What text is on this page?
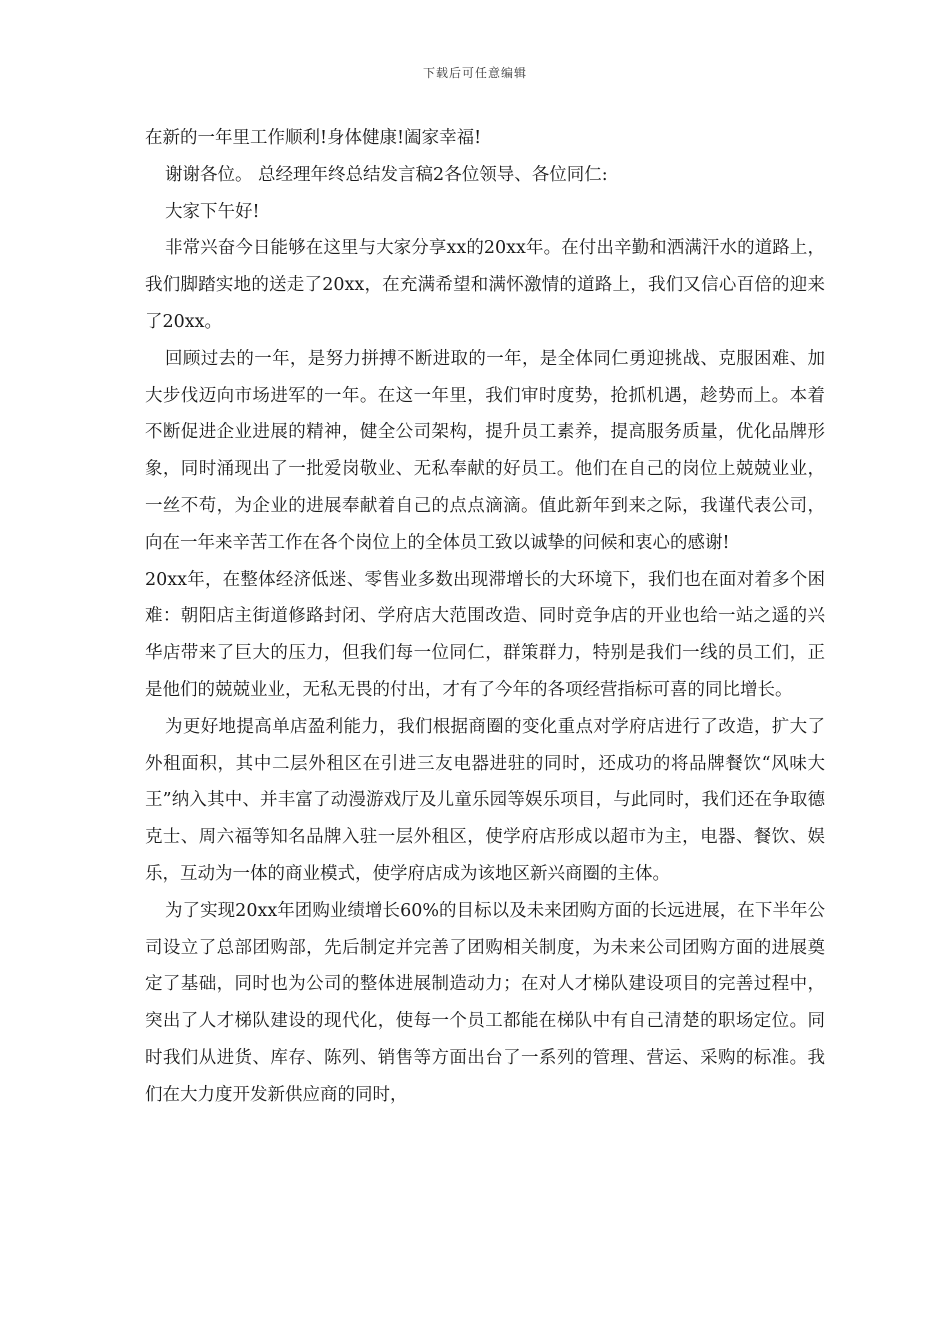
下载后可任意编辑

在新的一年里工作顺利!身体健康!阖家幸福!

谢谢各位。 总经理年终总结发言稿2各位领导、各位同仁:

大家下午好!

非常兴奋今日能够在这里与大家分享xx的20xx年。在付出辛勤和洒满汗水的道路上，我们脚踏实地的送走了20xx，在充满希望和满怀激情的道路上，我们又信心百倍的迎来了20xx。

回顾过去的一年，是努力拼搏不断进取的一年，是全体同仁勇迎挑战、克服困难、加大步伐迈向市场进军的一年。在这一年里，我们审时度势，抢抓机遇，趁势而上。本着不断促进企业进展的精神，健全公司架构，提升员工素养，提高服务质量，优化品牌形象，同时涌现出了一批爱岗敬业、无私奉献的好员工。他们在自己的岗位上兢兢业业，一丝不苟，为企业的进展奉献着自己的点点滴滴。值此新年到来之际，我谨代表公司，向在一年来辛苦工作在各个岗位上的全体员工致以诚挚的问候和衷心的感谢!

20xx年，在整体经济低迷、零售业多数出现滞增长的大环境下，我们也在面对着多个困难：朝阳店主街道修路封闭、学府店大范围改造、同时竞争店的开业也给一站之遥的兴华店带来了巨大的压力，但我们每一位同仁，群策群力，特别是我们一线的员工们，正是他们的兢兢业业，无私无畏的付出，才有了今年的各项经营指标可喜的同比增长。

为更好地提高单店盈利能力，我们根据商圈的变化重点对学府店进行了改造，扩大了外租面积，其中二层外租区在引进三友电器进驻的同时，还成功的将品牌餐饮“风味大王”纳入其中、并丰富了动漫游戏厅及儿童乐园等娱乐项目，与此同时，我们还在争取德克士、周六福等知名品牌入驻一层外租区，使学府店形成以超市为主，电器、餐饮、娱乐，互动为一体的商业模式，使学府店成为该地区新兴商圈的主体。

为了实现20xx年团购业绩增长60%的目标以及未来团购方面的长远进展，在下半年公司设立了总部团购部，先后制定并完善了团购相关制度，为未来公司团购方面的进展奠定了基础，同时也为公司的整体进展制造动力；在对人才梯队建设项目的完善过程中，突出了人才梯队建设的现代化，使每一个员工都能在梯队中有自己清楚的职场定位。同时我们从进货、库存、陈列、销售等方面出台了一系列的管理、营运、采购的标准。我们在大力度开发新供应商的同时，
